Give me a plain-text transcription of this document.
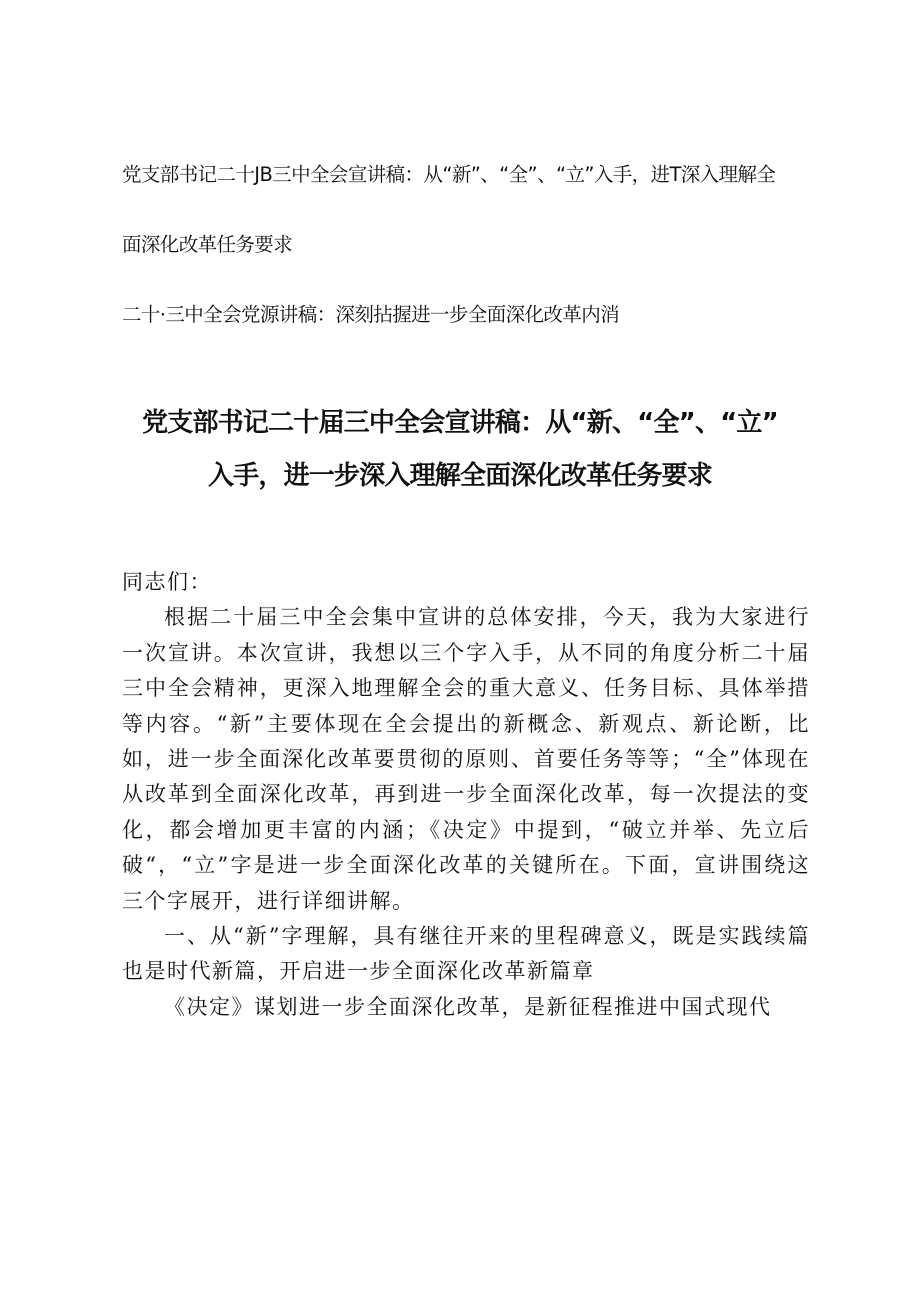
党支部书记二十JB三中全会宣讲稿：从“新”、“全”、“立”入手，进T深入理解全
面深化改革任务要求

二十·三中全会党源讲稿：深刻拈握进一步全面深化改革内消

党支部书记二十届三中全会宣讲稿：从“新、“全”、“立”
入手，进一步深入理解全面深化改革任务要求

同志们：

根据二十届三中全会集中宣讲的总体安排，今天，我为大家进行一次宣讲。本次宣讲，我想以三个字入手，从不同的角度分析二十届三中全会精神，更深入地理解全会的重大意义、任务目标、具体举措等内容。“新”主要体现在全会提出的新概念、新观点、新论断，比如，进一步全面深化改革要贯彻的原则、首要任务等等；“全”体现在从改革到全面深化改革，再到进一步全面深化改革，每一次提法的变化，都会增加更丰富的内涵；《决定》中提到，“破立并举、先立后破“，“立”字是进一步全面深化改革的关键所在。下面，宣讲围绕这三个字展开，进行详细讲解。

一、从“新”字理解，具有继往开来的里程碑意义，既是实践续篇也是时代新篇，开启进一步全面深化改革新篇章

《决定》谋划进一步全面深化改革，是新征程推进中国式现代
